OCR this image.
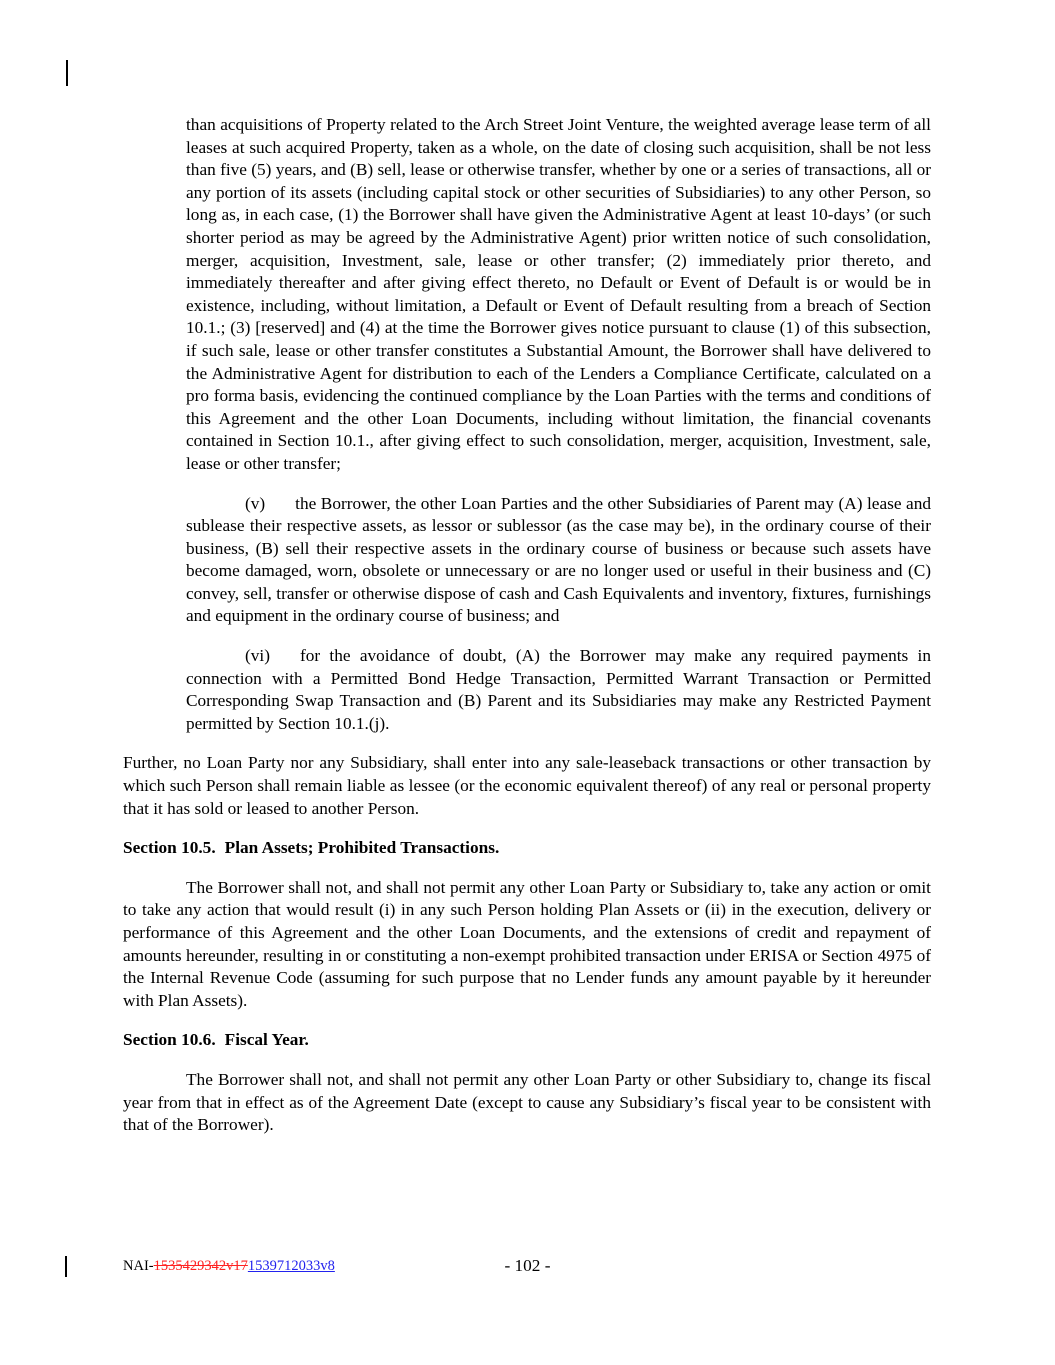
than acquisitions of Property related to the Arch Street Joint Venture, the weighted average lease term of all leases at such acquired Property, taken as a whole, on the date of closing such acquisition, shall be not less than five (5) years, and (B) sell, lease or otherwise transfer, whether by one or a series of transactions, all or any portion of its assets (including capital stock or other securities of Subsidiaries) to any other Person, so long as, in each case, (1) the Borrower shall have given the Administrative Agent at least 10-days’ (or such shorter period as may be agreed by the Administrative Agent) prior written notice of such consolidation, merger, acquisition, Investment, sale, lease or other transfer; (2) immediately prior thereto, and immediately thereafter and after giving effect thereto, no Default or Event of Default is or would be in existence, including, without limitation, a Default or Event of Default resulting from a breach of Section 10.1.; (3) [reserved] and (4) at the time the Borrower gives notice pursuant to clause (1) of this subsection, if such sale, lease or other transfer constitutes a Substantial Amount, the Borrower shall have delivered to the Administrative Agent for distribution to each of the Lenders a Compliance Certificate, calculated on a pro forma basis, evidencing the continued compliance by the Loan Parties with the terms and conditions of this Agreement and the other Loan Documents, including without limitation, the financial covenants contained in Section 10.1., after giving effect to such consolidation, merger, acquisition, Investment, sale, lease or other transfer;

(v) the Borrower, the other Loan Parties and the other Subsidiaries of Parent may (A) lease and sublease their respective assets, as lessor or sublessor (as the case may be), in the ordinary course of their business, (B) sell their respective assets in the ordinary course of business or because such assets have become damaged, worn, obsolete or unnecessary or are no longer used or useful in their business and (C) convey, sell, transfer or otherwise dispose of cash and Cash Equivalents and inventory, fixtures, furnishings and equipment in the ordinary course of business; and

(vi) for the avoidance of doubt, (A) the Borrower may make any required payments in connection with a Permitted Bond Hedge Transaction, Permitted Warrant Transaction or Permitted Corresponding Swap Transaction and (B) Parent and its Subsidiaries may make any Restricted Payment permitted by Section 10.1.(j).

Further, no Loan Party nor any Subsidiary, shall enter into any sale-leaseback transactions or other transaction by which such Person shall remain liable as lessee (or the economic equivalent thereof) of any real or personal property that it has sold or leased to another Person.

Section 10.5. Plan Assets; Prohibited Transactions.

The Borrower shall not, and shall not permit any other Loan Party or Subsidiary to, take any action or omit to take any action that would result (i) in any such Person holding Plan Assets or (ii) in the execution, delivery or performance of this Agreement and the other Loan Documents, and the extensions of credit and repayment of amounts hereunder, resulting in or constituting a non-exempt prohibited transaction under ERISA or Section 4975 of the Internal Revenue Code (assuming for such purpose that no Lender funds any amount payable by it hereunder with Plan Assets).

Section 10.6. Fiscal Year.

The Borrower shall not, and shall not permit any other Loan Party or other Subsidiary to, change its fiscal year from that in effect as of the Agreement Date (except to cause any Subsidiary’s fiscal year to be consistent with that of the Borrower).

NAI-1535429342v171539712033v8	- 102 -
